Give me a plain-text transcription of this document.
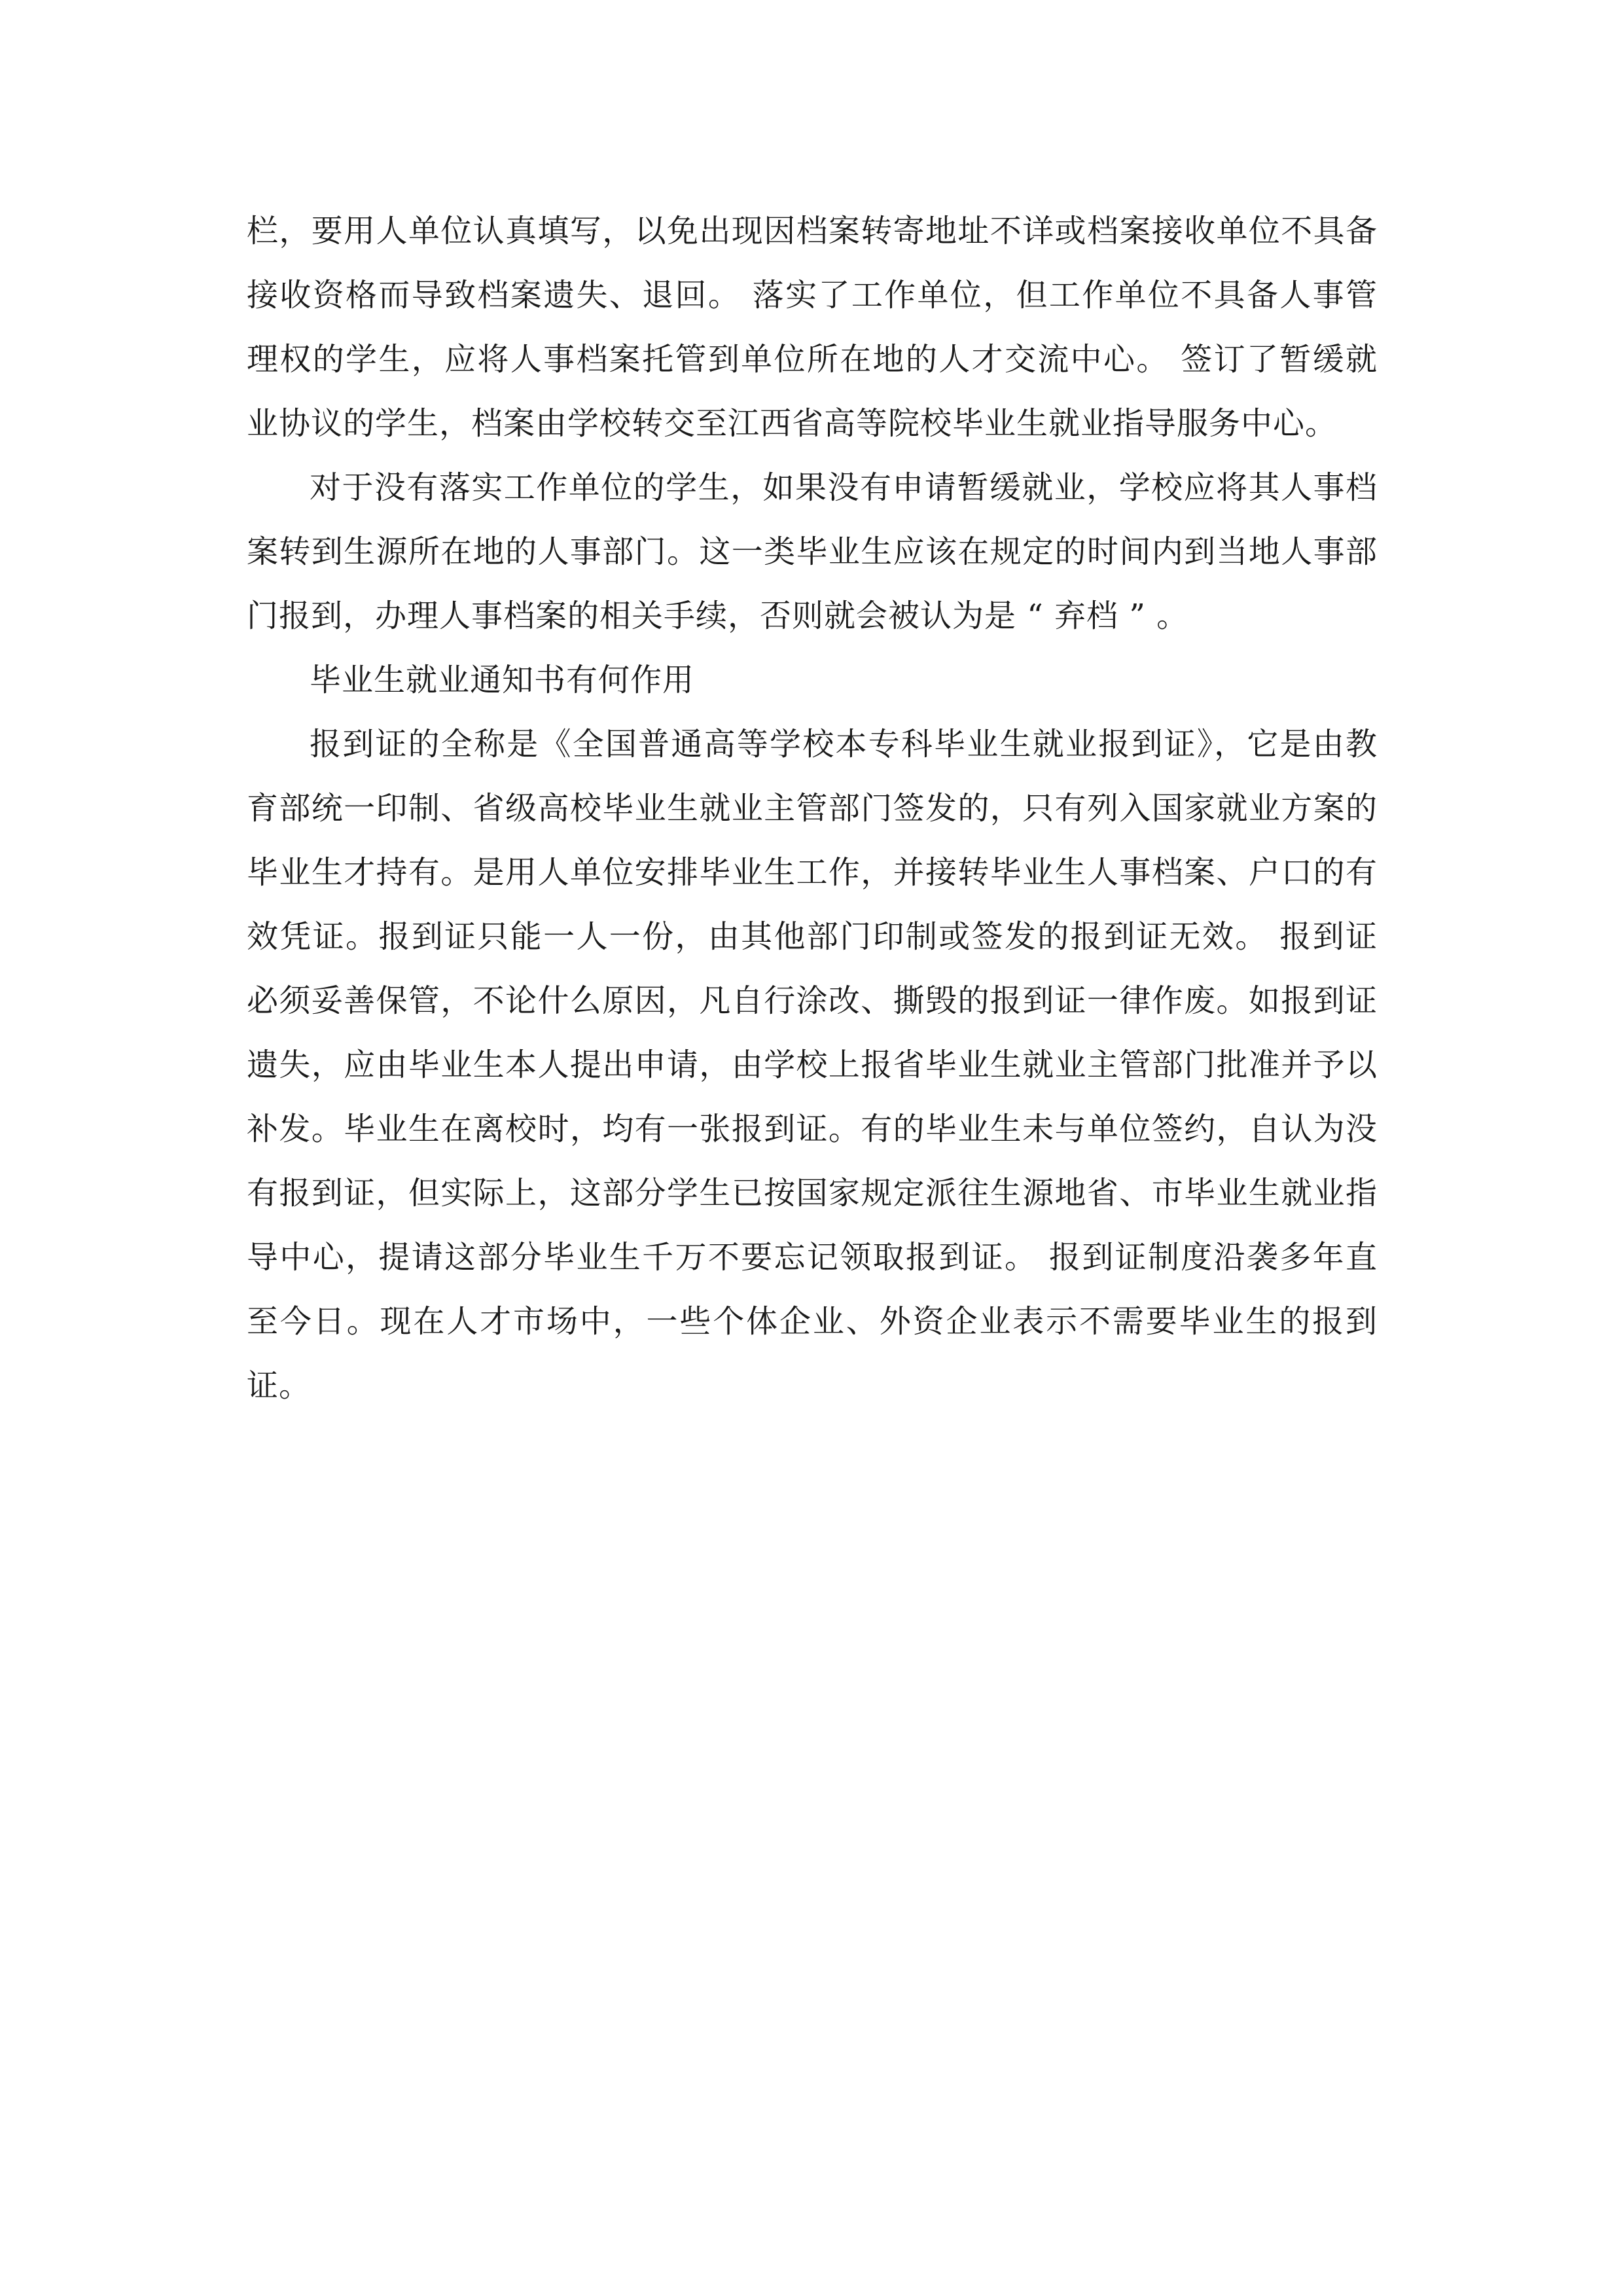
栏，要用人单位认真填写，以免出现因档案转寄地址不详或档案接收单位不具备接收资格而导致档案遗失、退回。 落实了工作单位，但工作单位不具备人事管理权的学生，应将人事档案托管到单位所在地的人才交流中心。 签订了暂缓就业协议的学生，档案由学校转交至江西省高等院校毕业生就业指导服务中心。

对于没有落实工作单位的学生，如果没有申请暂缓就业，学校应将其人事档案转到生源所在地的人事部门。这一类毕业生应该在规定的时间内到当地人事部门报到，办理人事档案的相关手续，否则就会被认为是 “ 弃档 ” 。

毕业生就业通知书有何作用

报到证的全称是《全国普通高等学校本专科毕业生就业报到证》，它是由教育部统一印制、省级高校毕业生就业主管部门签发的，只有列入国家就业方案的毕业生才持有。是用人单位安排毕业生工作，并接转毕业生人事档案、户口的有效凭证。报到证只能一人一份，由其他部门印制或签发的报到证无效。 报到证必须妥善保管，不论什么原因，凡自行涂改、撕毁的报到证一律作废。如报到证遗失，应由毕业生本人提出申请，由学校上报省毕业生就业主管部门批准并予以补发。毕业生在离校时，均有一张报到证。有的毕业生未与单位签约，自认为没有报到证，但实际上，这部分学生已按国家规定派往生源地省、市毕业生就业指导中心，提请这部分毕业生千万不要忘记领取报到证。 报到证制度沿袭多年直至今日。现在人才市场中，一些个体企业、外资企业表示不需要毕业生的报到证。
